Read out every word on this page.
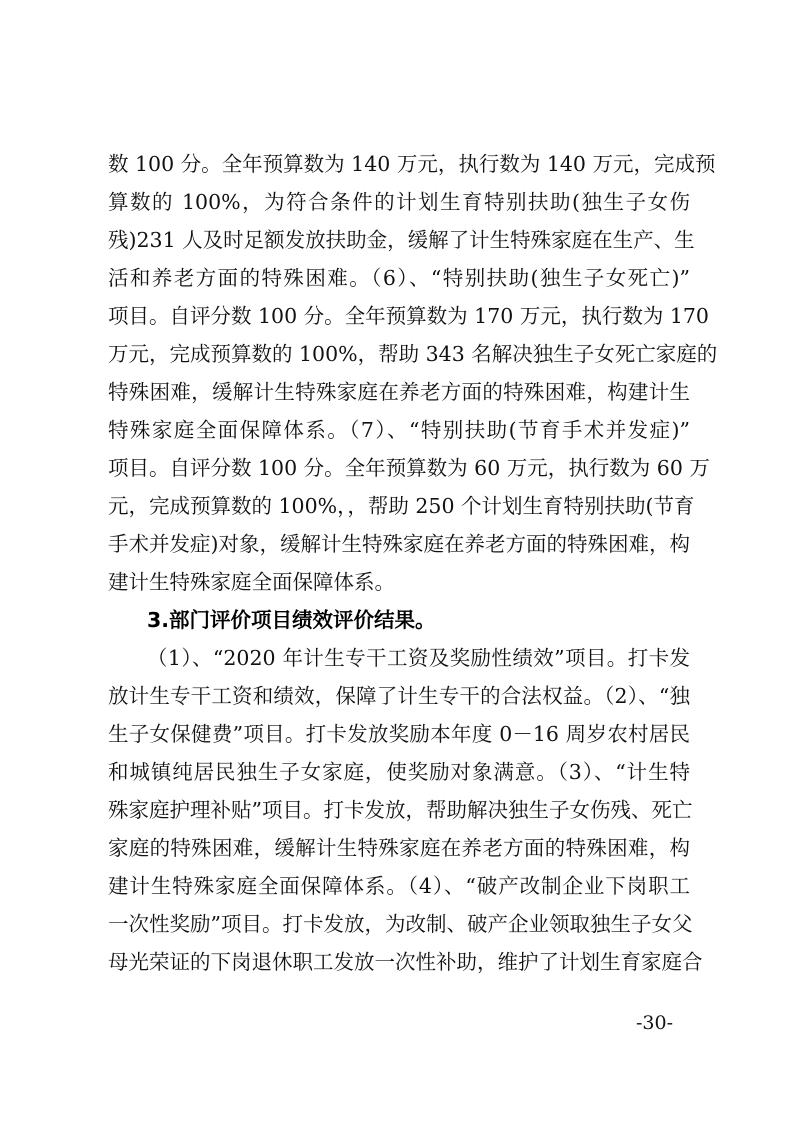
数 100 分。全年预算数为 140 万元，执行数为 140 万元，完成预
算数的 100%，为符合条件的计划生育特别扶助(独生子女伤
残)231 人及时足额发放扶助金，缓解了计生特殊家庭在生产、生
活和养老方面的特殊困难。（6）、“特别扶助(独生子女死亡)”
项目。自评分数 100 分。全年预算数为 170 万元，执行数为 170
万元，完成预算数的 100%，帮助 343 名解决独生子女死亡家庭的
特殊困难，缓解计生特殊家庭在养老方面的特殊困难，构建计生
特殊家庭全面保障体系。（7）、“特别扶助(节育手术并发症)”
项目。自评分数 100 分。全年预算数为 60 万元，执行数为 60 万
元，完成预算数的 100%，，帮助 250 个计划生育特别扶助(节育
手术并发症)对象，缓解计生特殊家庭在养老方面的特殊困难，构
建计生特殊家庭全面保障体系。
3.部门评价项目绩效评价结果。
（1）、“2020 年计生专干工资及奖励性绩效”项目。打卡发
放计生专干工资和绩效，保障了计生专干的合法权益。（2）、“独
生子女保健费”项目。打卡发放奖励本年度 0－16 周岁农村居民
和城镇纯居民独生子女家庭，使奖励对象满意。（3）、“计生特
殊家庭护理补贴”项目。打卡发放，帮助解决独生子女伤残、死亡
家庭的特殊困难，缓解计生特殊家庭在养老方面的特殊困难，构
建计生特殊家庭全面保障体系。（4）、“破产改制企业下岗职工
一次性奖励”项目。打卡发放，为改制、破产企业领取独生子女父
母光荣证的下岗退休职工发放一次性补助，维护了计划生育家庭合
-30-
